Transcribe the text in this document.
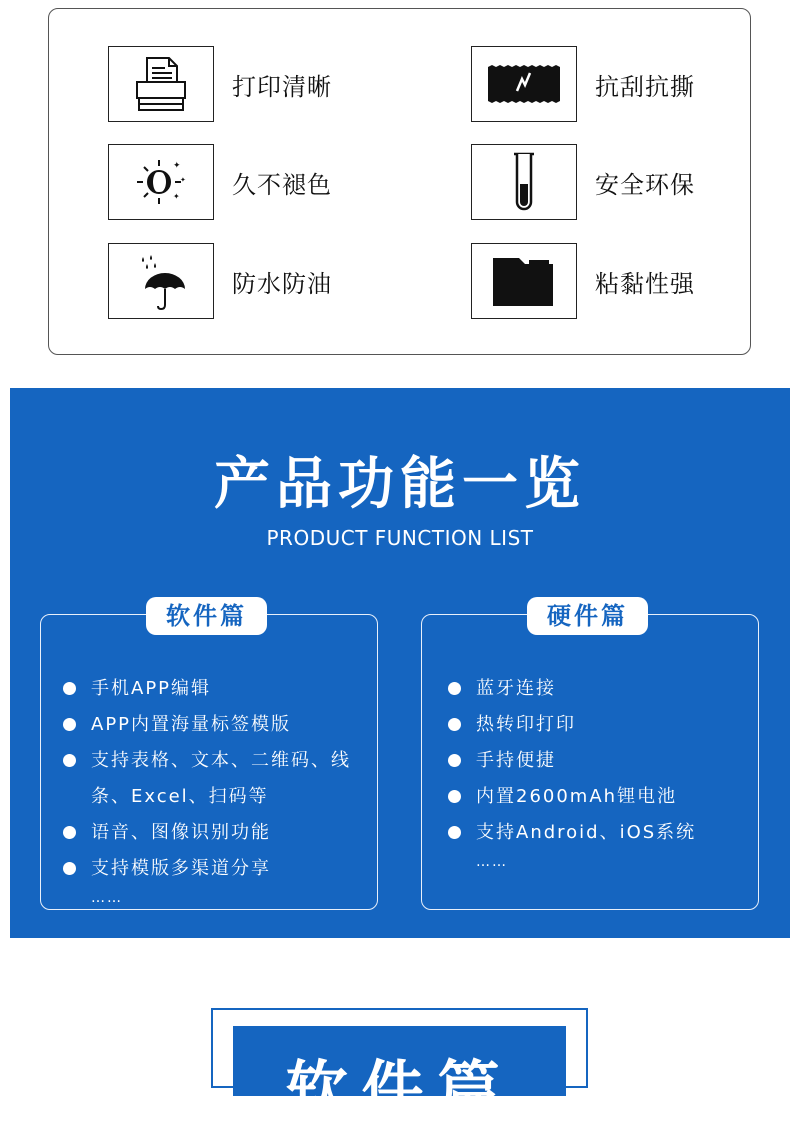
打印清晰	抗刮抗撕
✦
✦
✦ 久不褪色	安全环保
防水防油	粘黏性强
产品功能一览
PRODUCT FUNCTION LIST
软件篇
手机APP编辑
APP内置海量标签模版
支持表格、文本、二维码、线条、Excel、扫码等
语音、图像识别功能
支持模版多渠道分享
……
硬件篇
蓝牙连接
热转印打印
手持便捷
内置2600mAh锂电池
支持Android、iOS系统
……
软件篇
